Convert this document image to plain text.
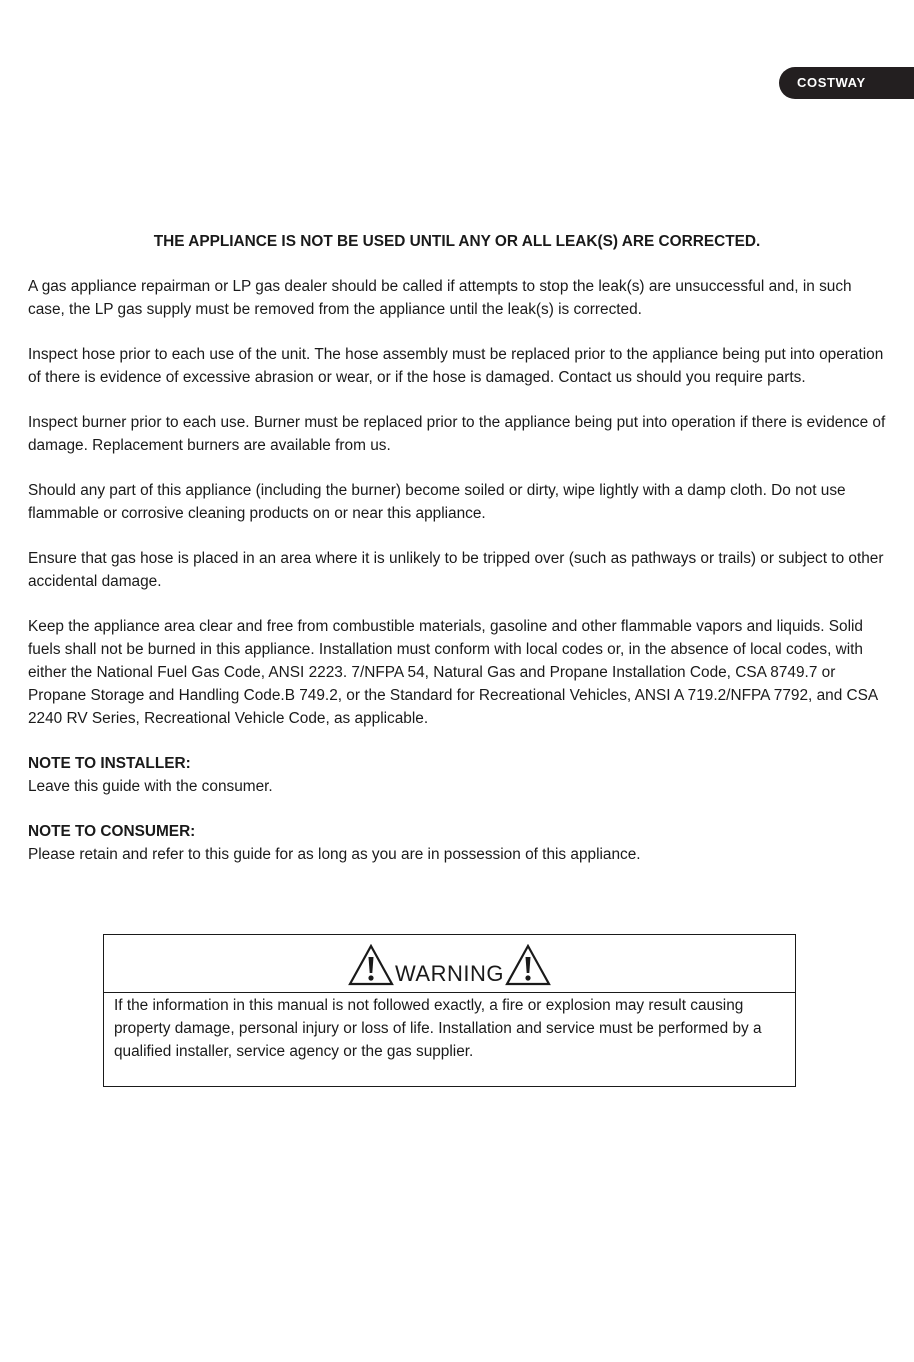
COSTWAY

THE APPLIANCE IS NOT BE USED UNTIL ANY OR ALL LEAK(S) ARE CORRECTED.

A gas appliance repairman or LP gas dealer should be called if attempts to stop the leak(s) are unsuccessful and, in such case, the LP gas supply must be removed from the appliance until the leak(s) is corrected.

Inspect hose prior to each use of the unit. The hose assembly must be replaced prior to the appliance being put into operation of there is evidence of excessive abrasion or wear, or if the hose is damaged. Contact us should you require parts.

Inspect burner prior to each use. Burner must be replaced prior to the appliance being put into operation if there is evidence of damage. Replacement burners are available from us.

Should any part of this appliance (including the burner) become soiled or dirty, wipe lightly with a damp cloth. Do not use flammable or corrosive cleaning products on or near this appliance.

Ensure that gas hose is placed in an area where it is unlikely to be tripped over (such as pathways or trails) or subject to other accidental damage.

Keep the appliance area clear and free from combustible materials, gasoline and other flammable vapors and liquids. Solid fuels shall not be burned in this appliance. Installation must conform with local codes or, in the absence of local codes, with either the National Fuel Gas Code, ANSI 2223. 7/NFPA 54, Natural Gas and Propane Installation Code, CSA 8749.7 or Propane Storage and Handling Code.B 749.2, or the Standard for Recreational Vehicles, ANSI A 719.2/NFPA 7792, and CSA 2240 RV Series, Recreational Vehicle Code, as applicable.

NOTE TO INSTALLER:

Leave this guide with the consumer.

NOTE TO CONSUMER:

Please retain and refer to this guide for as long as you are in possession of this appliance.

WARNING
If the information in this manual is not followed exactly, a fire or explosion may result causing property damage, personal injury or loss of life. Installation and service must be performed by a qualified installer, service agency or the gas supplier.
